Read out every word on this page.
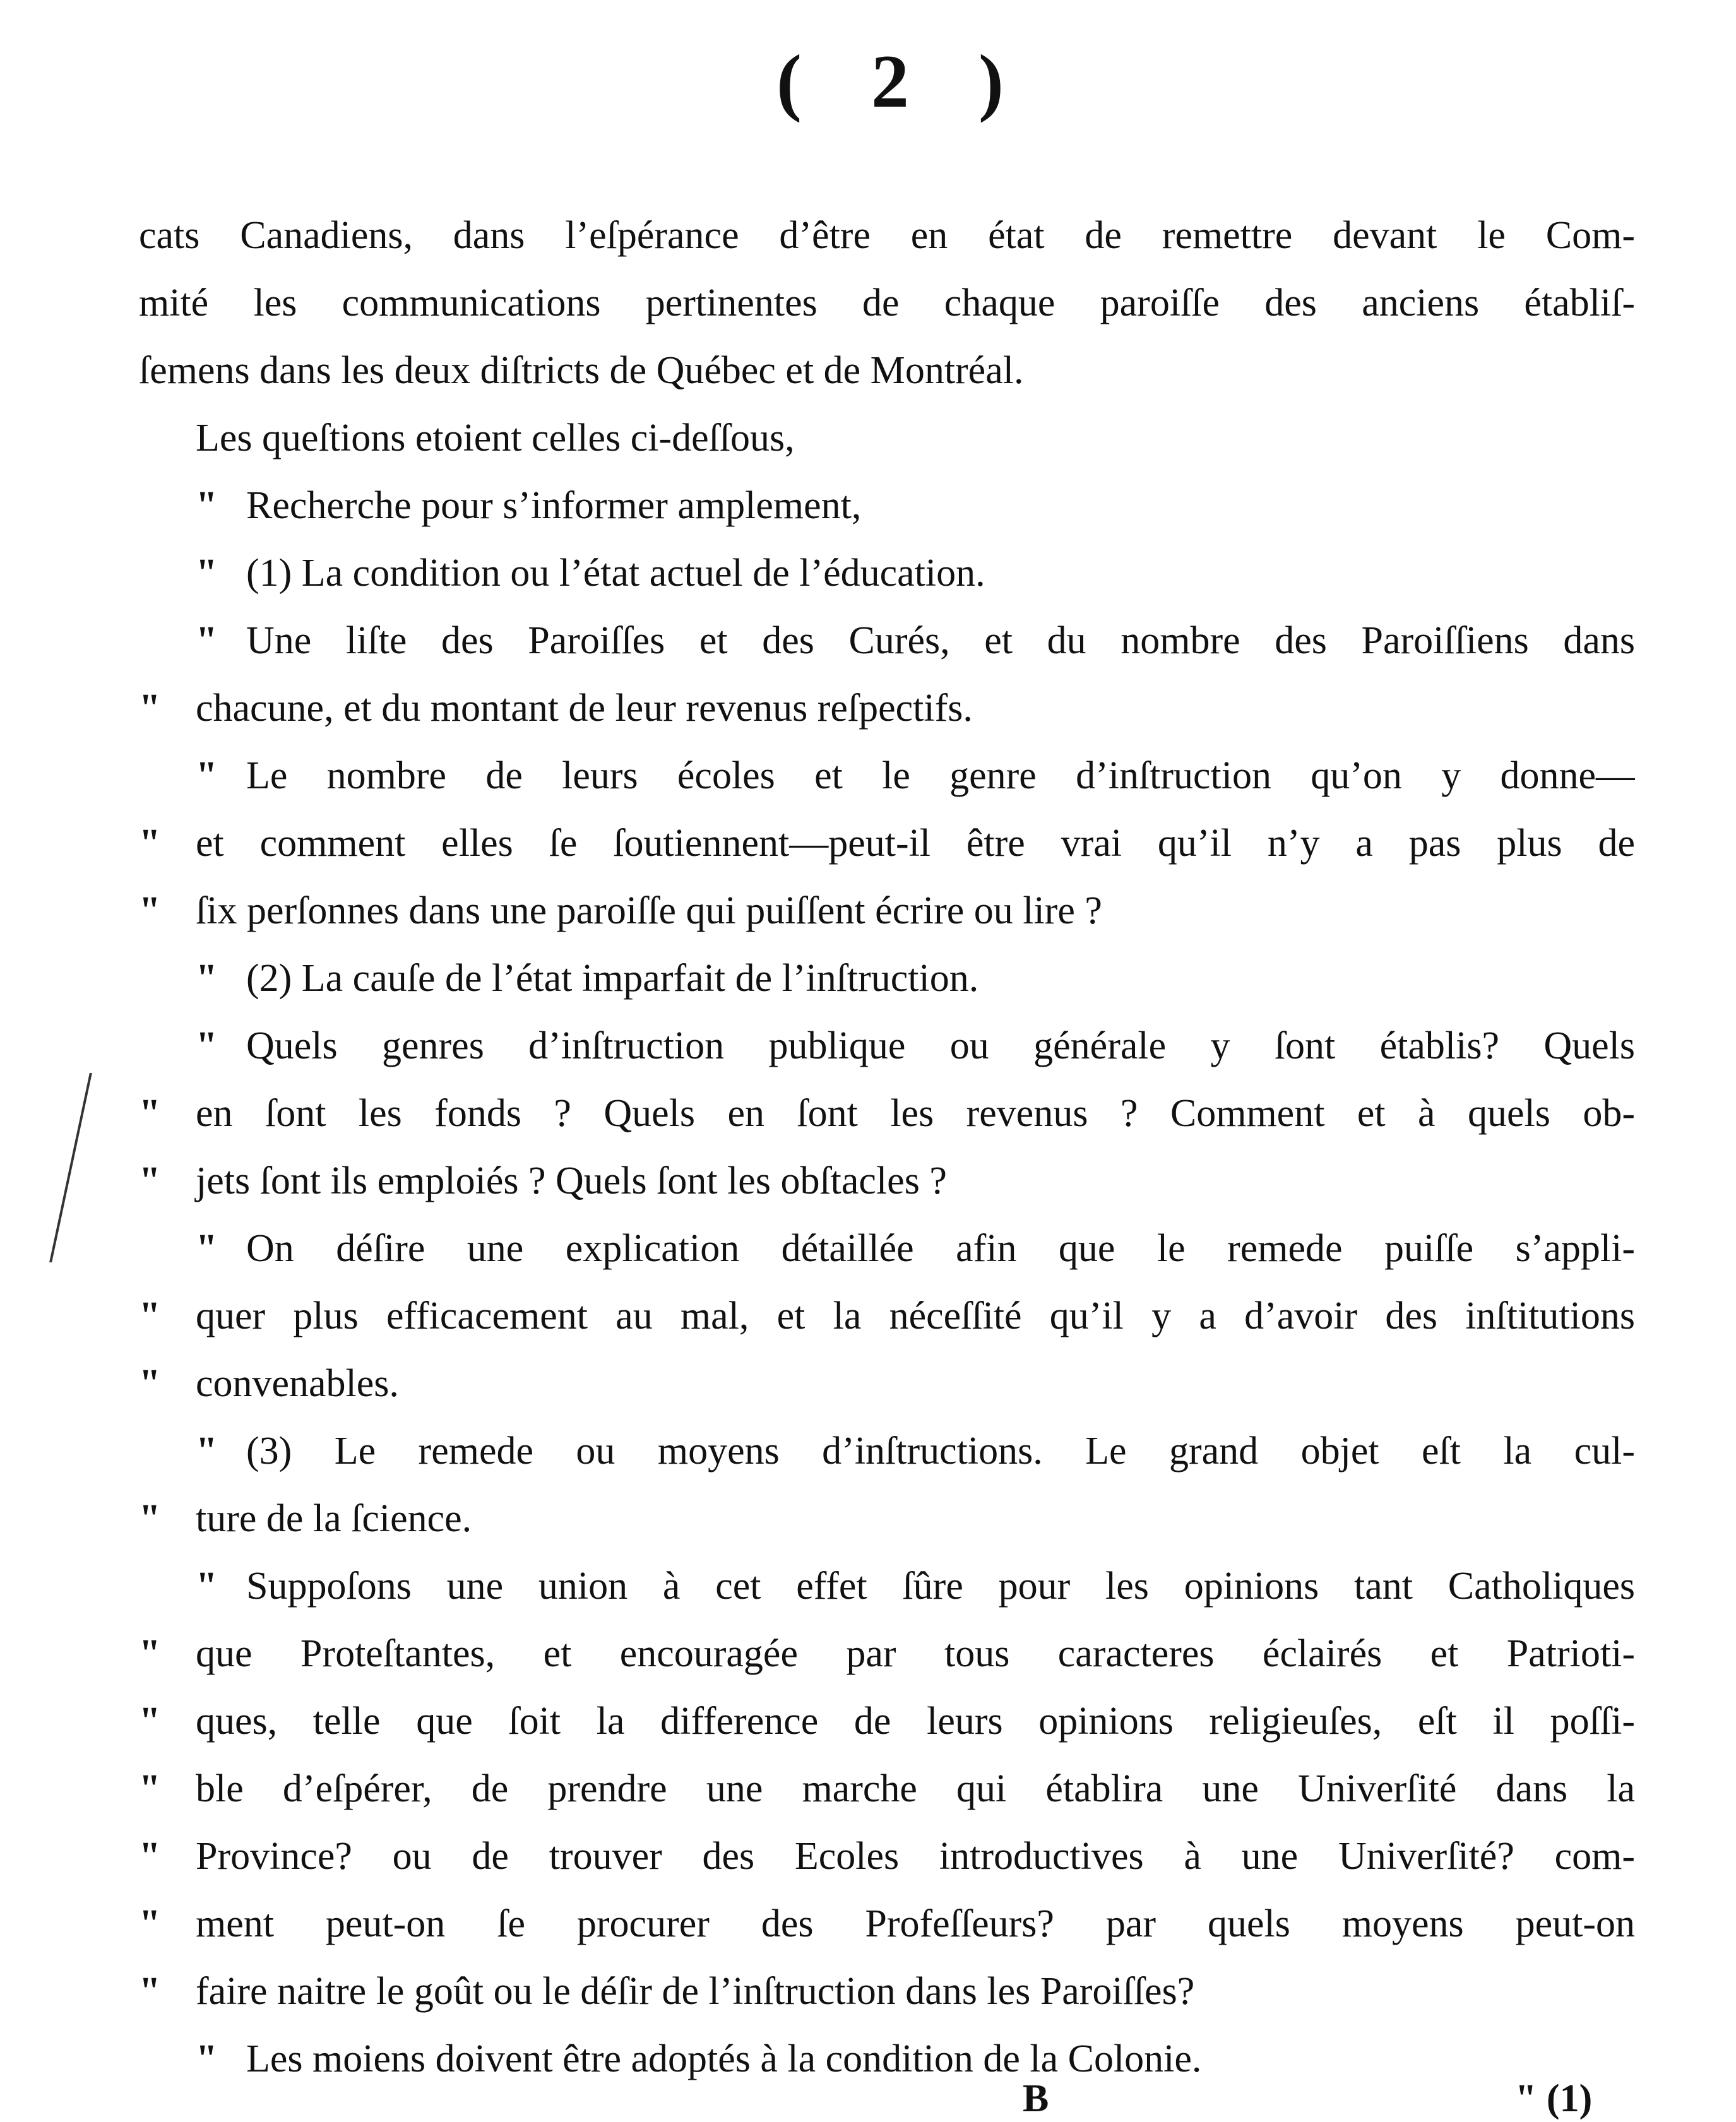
( 2 )
cats Canadiens, dans l’eſpérance d’être en état de remettre devant le Com-
mité les communications pertinentes de chaque paroiſſe des anciens établiſ-
ſemens dans les deux diſtricts de Québec et de Montréal.
Les queſtions etoient celles ci-deſſous,
" Recherche pour s’informer amplement,
" (1) La condition ou l’état actuel de l’éducation.
" Une liſte des Paroiſſes et des Curés, et du nombre des Paroiſſiens dans
" chacune, et du montant de leur revenus reſpectifs.
" Le nombre de leurs écoles et le genre d’inſtruction qu’on y donne—
" et comment elles ſe ſoutiennent—peut-il être vrai qu’il n’y a pas plus de
" ſix perſonnes dans une paroiſſe qui puiſſent écrire ou lire ?
" (2) La cauſe de l’état imparfait de l’inſtruction.
" Quels genres d’inſtruction publique ou générale y ſont établis? Quels
" en ſont les fonds ? Quels en ſont les revenus ? Comment et à quels ob-
" jets ſont ils emploiés ? Quels ſont les obſtacles ?
" On déſire une explication détaillée afin que le remede puiſſe s’appli-
" quer plus efficacement au mal, et la néceſſité qu’il y a d’avoir des inſtitutions
" convenables.
" (3) Le remede ou moyens d’inſtructions. Le grand objet eſt la cul-
" ture de la ſcience.
" Suppoſons une union à cet effet ſûre pour les opinions tant Catholiques
" que Proteſtantes, et encouragée par tous caracteres éclairés et Patrioti-
" ques, telle que ſoit la difference de leurs opinions religieuſes, eſt il poſſi-
" ble d’eſpérer, de prendre une marche qui établira une Univerſité dans la
" Province? ou de trouver des Ecoles introductives à une Univerſité? com-
" ment peut-on ſe procurer des Profeſſeurs? par quels moyens peut-on
" faire naitre le goût ou le déſir de l’inſtruction dans les Paroiſſes?
" Les moiens doivent être adoptés à la condition de la Colonie.
B	" (1)
